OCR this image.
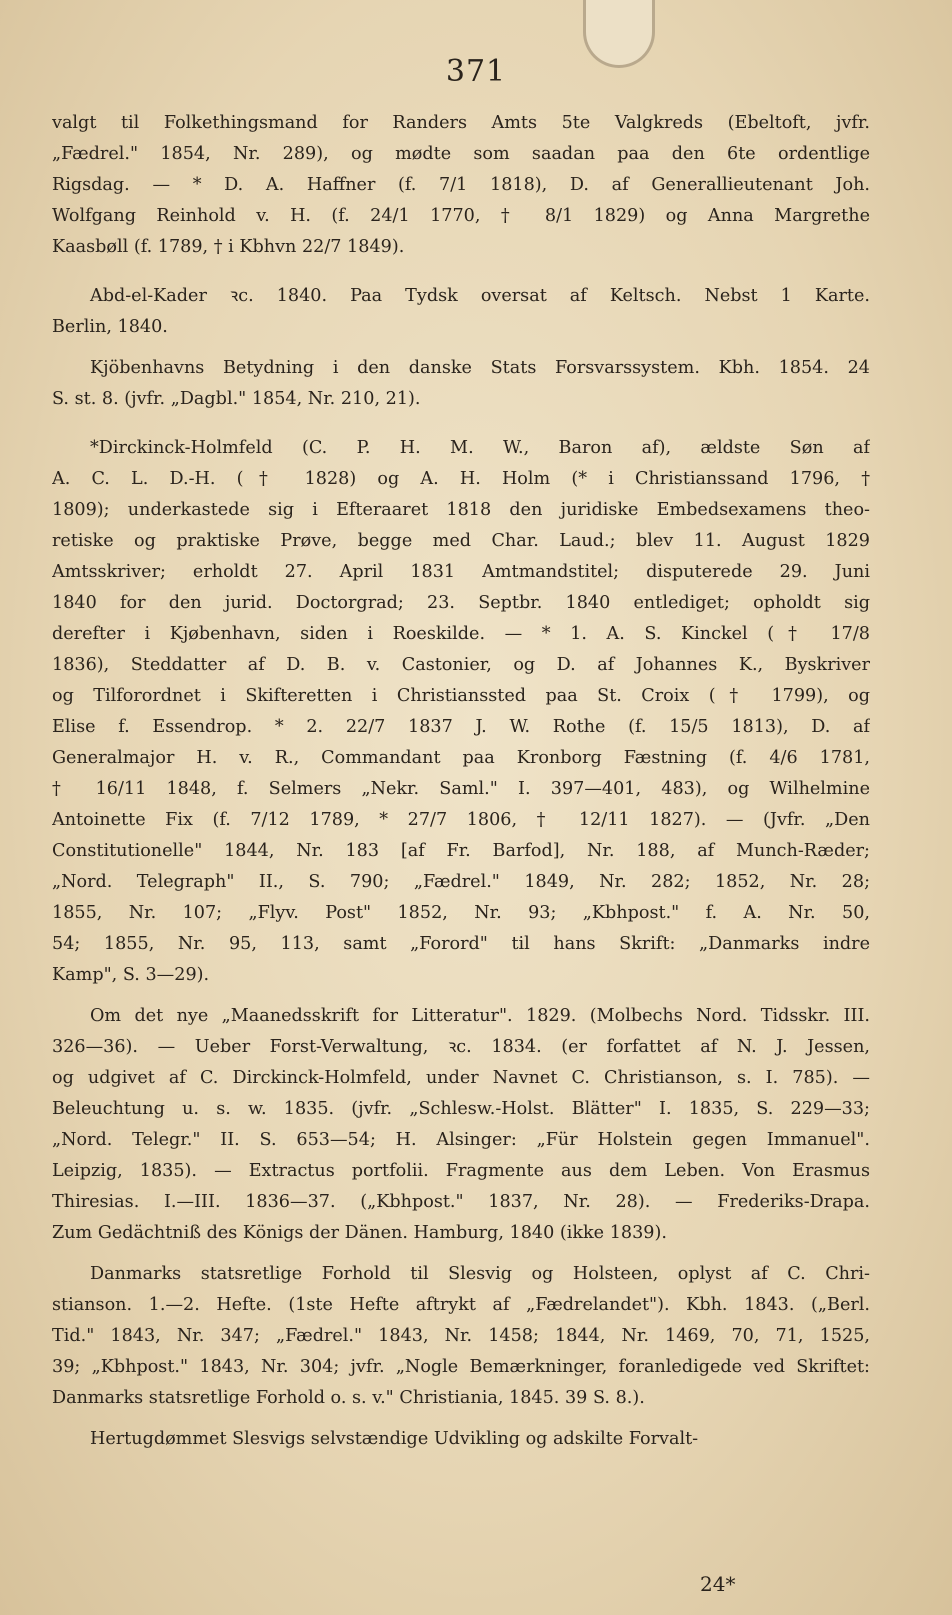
371
valgt til Folkethingsmand for Randers Amts 5te Valgkreds (Ebeltoft, jvfr.
„Fædrel." 1854, Nr. 289), og mødte som saadan paa den 6te ordentlige
Rigsdag. — * D. A. Haffner (f. 7/1 1818), D. af Generallieutenant Joh.
Wolfgang Reinhold v. H. (f. 24/1 1770, † 8/1 1829) og Anna Margrethe
Kaasbøll (f. 1789, † i Kbhvn 22/7 1849).
Abd-el-Kader ꝛc. 1840. Paa Tydsk oversat af Keltsch. Nebst 1 Karte.
Berlin, 1840.
Kjöbenhavns Betydning i den danske Stats Forsvarssystem. Kbh. 1854. 24
S. st. 8. (jvfr. „Dagbl." 1854, Nr. 210, 21).
*Dirckinck-Holmfeld (C. P. H. M. W., Baron af), ældste Søn af
A. C. L. D.-H. († 1828) og A. H. Holm (* i Christianssand 1796, †
1809); underkastede sig i Efteraaret 1818 den juridiske Embedsexamens theo-
retiske og praktiske Prøve, begge med Char. Laud.; blev 11. August 1829
Amtsskriver; erholdt 27. April 1831 Amtmandstitel; disputerede 29. Juni
1840 for den jurid. Doctorgrad; 23. Septbr. 1840 entlediget; opholdt sig
derefter i Kjøbenhavn, siden i Roeskilde. — * 1. A. S. Kinckel († 17/8
1836), Steddatter af D. B. v. Castonier, og D. af Johannes K., Byskriver
og Tilforordnet i Skifteretten i Christianssted paa St. Croix († 1799), og
Elise f. Essendrop. * 2. 22/7 1837 J. W. Rothe (f. 15/5 1813), D. af
Generalmajor H. v. R., Commandant paa Kronborg Fæstning (f. 4/6 1781,
† 16/11 1848, f. Selmers „Nekr. Saml." I. 397—401, 483), og Wilhelmine
Antoinette Fix (f. 7/12 1789, * 27/7 1806, † 12/11 1827). — (Jvfr. „Den
Constitutionelle" 1844, Nr. 183 [af Fr. Barfod], Nr. 188, af Munch-Ræder;
„Nord. Telegraph" II., S. 790; „Fædrel." 1849, Nr. 282; 1852, Nr. 28;
1855, Nr. 107; „Flyv. Post" 1852, Nr. 93; „Kbhpost." f. A. Nr. 50,
54; 1855, Nr. 95, 113, samt „Forord" til hans Skrift: „Danmarks indre
Kamp", S. 3—29).
Om det nye „Maanedsskrift for Litteratur". 1829. (Molbechs Nord. Tidsskr. III.
326—36). — Ueber Forst-Verwaltung, ꝛc. 1834. (er forfattet af N. J. Jessen,
og udgivet af C. Dirckinck-Holmfeld, under Navnet C. Christianson, s. I. 785). —
Beleuchtung u. s. w. 1835. (jvfr. „Schlesw.-Holst. Blätter" I. 1835, S. 229—33;
„Nord. Telegr." II. S. 653—54; H. Alsinger: „Für Holstein gegen Immanuel".
Leipzig, 1835). — Extractus portfolii. Fragmente aus dem Leben. Von Erasmus
Thiresias. I.—III. 1836—37. („Kbhpost." 1837, Nr. 28). — Frederiks-Drapa.
Zum Gedächtniß des Königs der Dänen. Hamburg, 1840 (ikke 1839).
Danmarks statsretlige Forhold til Slesvig og Holsteen, oplyst af C. Chri-
stianson. 1.—2. Hefte. (1ste Hefte aftrykt af „Fædrelandet"). Kbh. 1843. („Berl.
Tid." 1843, Nr. 347; „Fædrel." 1843, Nr. 1458; 1844, Nr. 1469, 70, 71, 1525,
39; „Kbhpost." 1843, Nr. 304; jvfr. „Nogle Bemærkninger, foranledigede ved Skriftet:
Danmarks statsretlige Forhold o. s. v." Christiania, 1845. 39 S. 8.).
Hertugdømmet Slesvigs selvstændige Udvikling og adskilte Forvalt-
24*
